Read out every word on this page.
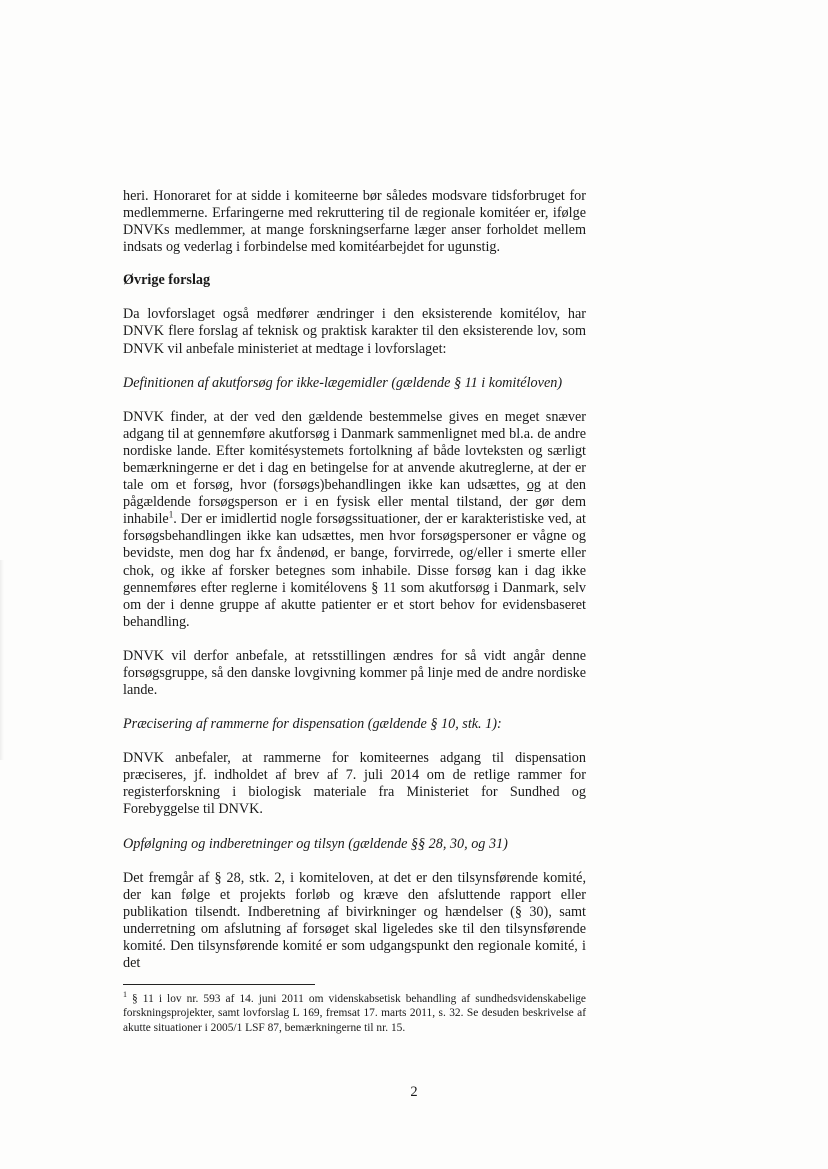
heri. Honoraret for at sidde i komiteerne bør således modsvare tidsforbruget for medlemmerne. Erfaringerne med rekruttering til de regionale komitéer er, ifølge DNVKs medlemmer, at mange forskningserfarne læger anser forholdet mellem indsats og vederlag i forbindelse med komitéarbejdet for ugunstig.

Øvrige forslag

Da lovforslaget også medfører ændringer i den eksisterende komitélov, har DNVK flere forslag af teknisk og praktisk karakter til den eksisterende lov, som DNVK vil anbefale ministeriet at medtage i lovforslaget:

Definitionen af akutforsøg for ikke-lægemidler (gældende § 11 i komitéloven)

DNVK finder, at der ved den gældende bestemmelse gives en meget snæver adgang til at gennemføre akutforsøg i Danmark sammenlignet med bl.a. de andre nordiske lande. Efter komitésystemets fortolkning af både lovteksten og særligt bemærkningerne er det i dag en betingelse for at anvende akutreglerne, at der er tale om et forsøg, hvor (forsøgs)behandlingen ikke kan udsættes, og at den pågældende forsøgsperson er i en fysisk eller mental tilstand, der gør dem inhabile$^1$. Der er imidlertid nogle forsøgssituationer, der er karakteristiske ved, at forsøgsbehandlingen ikke kan udsættes, men hvor forsøgspersoner er vågne og bevidste, men dog har fx åndenød, er bange, forvirrede, og/eller i smerte eller chok, og ikke af forsker betegnes som inhabile. Disse forsøg kan i dag ikke gennemføres efter reglerne i komitélovens § 11 som akutforsøg i Danmark, selv om der i denne gruppe af akutte patienter er et stort behov for evidensbaseret behandling.

DNVK vil derfor anbefale, at retsstillingen ændres for så vidt angår denne forsøgsgruppe, så den danske lovgivning kommer på linje med de andre nordiske lande.

Præcisering af rammerne for dispensation (gældende § 10, stk. 1):

DNVK anbefaler, at rammerne for komiteernes adgang til dispensation præciseres, jf. indholdet af brev af 7. juli 2014 om de retlige rammer for registerforskning i biologisk materiale fra Ministeriet for Sundhed og Forebyggelse til DNVK.

Opfølgning og indberetninger og tilsyn (gældende §§ 28, 30, og 31)

Det fremgår af § 28, stk. 2, i komiteloven, at det er den tilsynsførende komité, der kan følge et projekts forløb og kræve den afsluttende rapport eller publikation tilsendt. Indberetning af bivirkninger og hændelser (§ 30), samt underretning om afslutning af forsøget skal ligeledes ske til den tilsynsførende komité. Den tilsynsførende komité er som udgangspunkt den regionale komité, i det

$^1$ § 11 i lov nr. 593 af 14. juni 2011 om videnskabsetisk behandling af sundhedsvidenskabelige forskningsprojekter, samt lovforslag L 169, fremsat 17. marts 2011, s. 32. Se desuden beskrivelse af akutte situationer i 2005/1 LSF 87, bemærkningerne til nr. 15.

2
